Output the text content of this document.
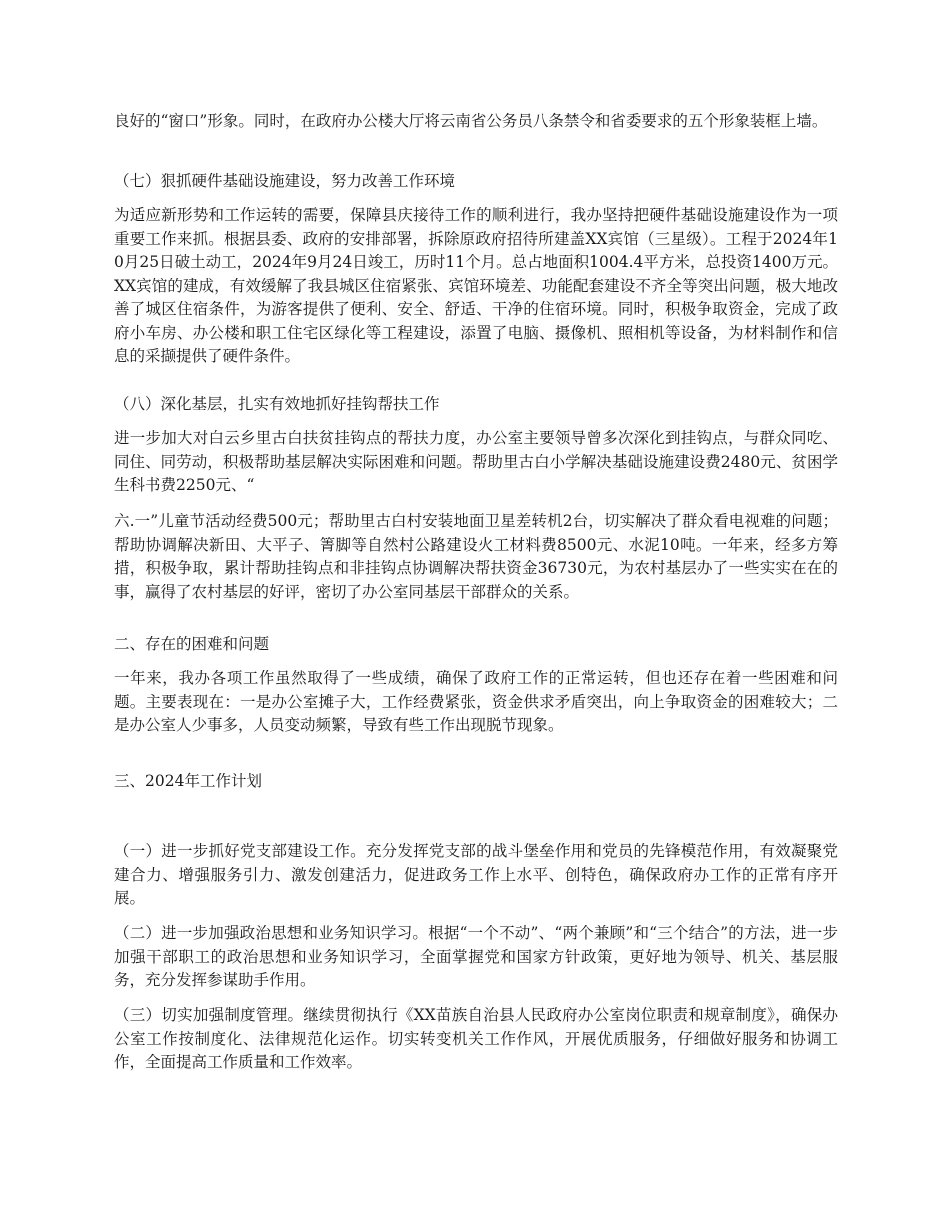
良好的“窗口”形象。同时，在政府办公楼大厅将云南省公务员八条禁令和省委要求的五个形象装框上墙。

（七）狠抓硬件基础设施建设，努力改善工作环境

为适应新形势和工作运转的需要，保障县庆接待工作的顺利进行，我办坚持把硬件基础设施建设作为一项重要工作来抓。根据县委、政府的安排部署，拆除原政府招待所建盖XX宾馆（三星级）。工程于2024年10月25日破土动工，2024年9月24日竣工，历时11个月。总占地面积1004.4平方米，总投资1400万元。XX宾馆的建成，有效缓解了我县城区住宿紧张、宾馆环境差、功能配套建设不齐全等突出问题，极大地改善了城区住宿条件，为游客提供了便利、安全、舒适、干净的住宿环境。同时，积极争取资金，完成了政府小车房、办公楼和职工住宅区绿化等工程建设，添置了电脑、摄像机、照相机等设备，为材料制作和信息的采撷提供了硬件条件。

（八）深化基层，扎实有效地抓好挂钩帮扶工作

进一步加大对白云乡里古白扶贫挂钩点的帮扶力度，办公室主要领导曾多次深化到挂钩点，与群众同吃、同住、同劳动，积极帮助基层解决实际困难和问题。帮助里古白小学解决基础设施建设费2480元、贫困学生科书费2250元、“

六.一”儿童节活动经费500元；帮助里古白村安装地面卫星差转机2台，切实解决了群众看电视难的问题；帮助协调解决新田、大平子、箐脚等自然村公路建设火工材料费8500元、水泥10吨。一年来，经多方筹措，积极争取，累计帮助挂钩点和非挂钩点协调解决帮扶资金36730元，为农村基层办了一些实实在在的事，赢得了农村基层的好评，密切了办公室同基层干部群众的关系。

二、存在的困难和问题

一年来，我办各项工作虽然取得了一些成绩，确保了政府工作的正常运转，但也还存在着一些困难和问题。主要表现在：一是办公室摊子大，工作经费紧张，资金供求矛盾突出，向上争取资金的困难较大；二是办公室人少事多，人员变动频繁，导致有些工作出现脱节现象。

三、2024年工作计划

（一）进一步抓好党支部建设工作。充分发挥党支部的战斗堡垒作用和党员的先锋模范作用，有效凝聚党建合力、增强服务引力、激发创建活力，促进政务工作上水平、创特色，确保政府办工作的正常有序开展。

（二）进一步加强政治思想和业务知识学习。根据“一个不动”、“两个兼顾”和“三个结合”的方法，进一步加强干部职工的政治思想和业务知识学习，全面掌握党和国家方针政策，更好地为领导、机关、基层服务，充分发挥参谋助手作用。

（三）切实加强制度管理。继续贯彻执行《XX苗族自治县人民政府办公室岗位职责和规章制度》，确保办公室工作按制度化、法律规范化运作。切实转变机关工作作风，开展优质服务，仔细做好服务和协调工作，全面提高工作质量和工作效率。
